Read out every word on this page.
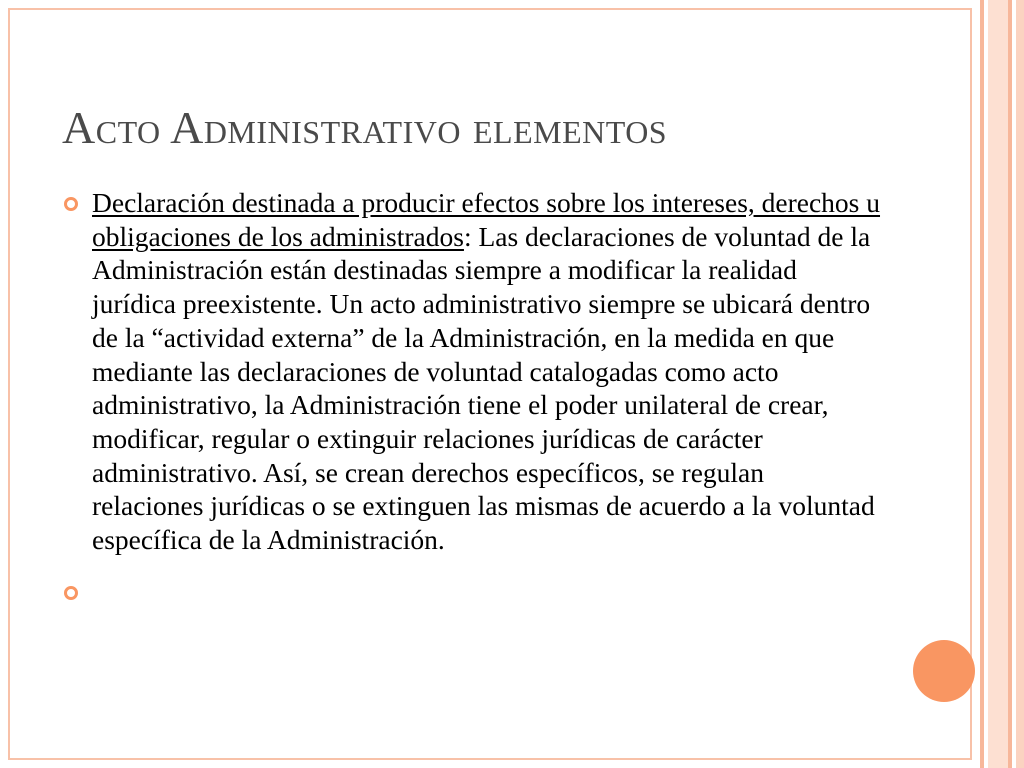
Acto Administrativo elementos
Declaración destinada a producir efectos sobre los intereses, derechos u obligaciones de los administrados: Las declaraciones de voluntad de la Administración están destinadas siempre a modificar la realidad jurídica preexistente. Un acto administrativo siempre se ubicará dentro de la “actividad externa” de la Administración, en la medida en que mediante las declaraciones de voluntad catalogadas como acto administrativo, la Administración tiene el poder unilateral de crear, modificar, regular o extinguir relaciones jurídicas de carácter administrativo. Así, se crean derechos específicos, se regulan relaciones jurídicas o se extinguen las mismas de acuerdo a la voluntad específica de la Administración.
